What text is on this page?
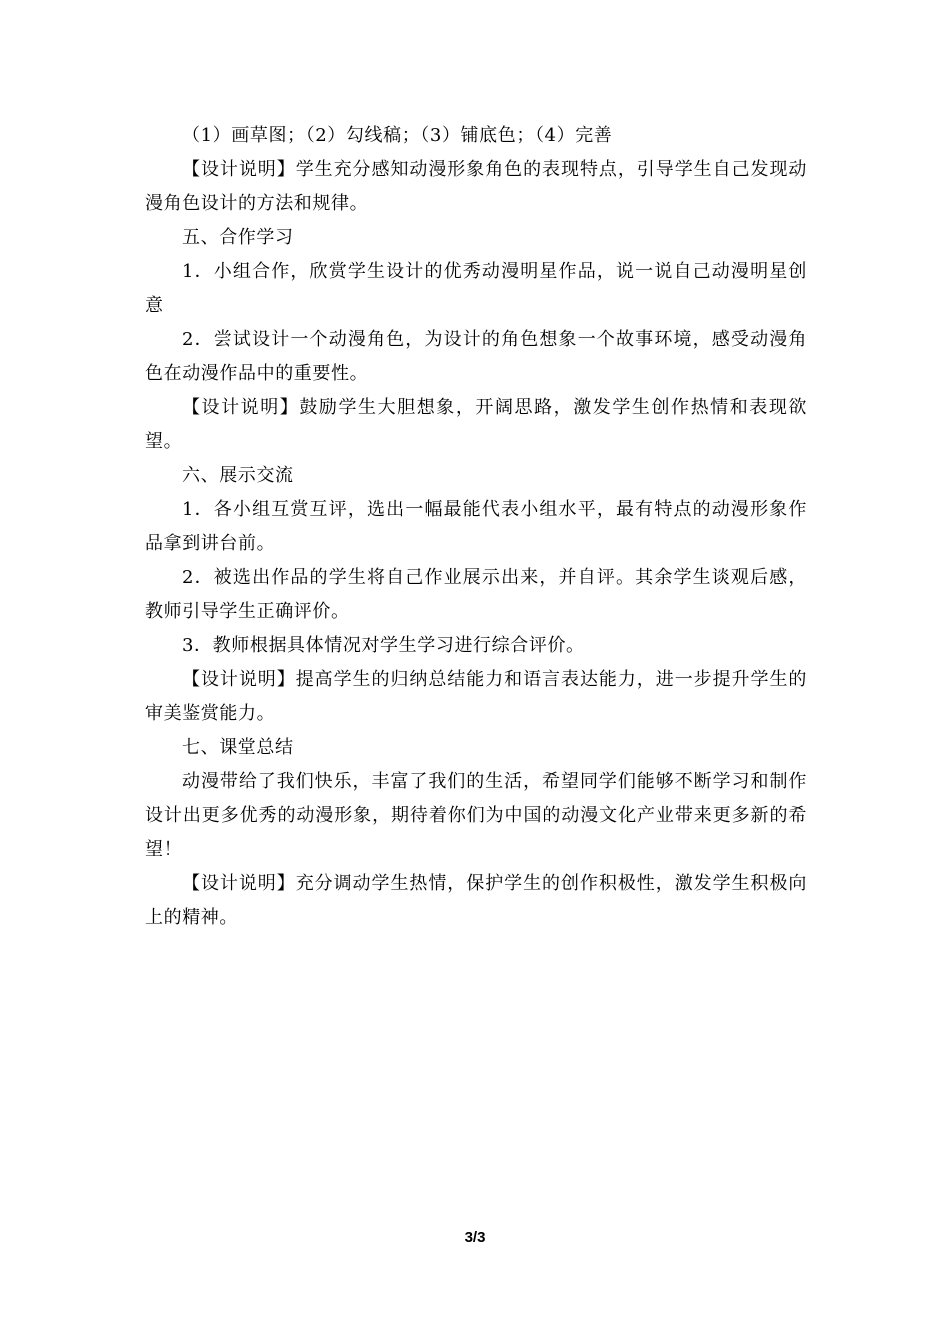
（1）画草图；（2）勾线稿；（3）铺底色；（4）完善

【设计说明】学生充分感知动漫形象角色的表现特点，引导学生自己发现动漫角色设计的方法和规律。

五、合作学习

1．小组合作，欣赏学生设计的优秀动漫明星作品，说一说自己动漫明星创意

2．尝试设计一个动漫角色，为设计的角色想象一个故事环境，感受动漫角色在动漫作品中的重要性。

【设计说明】鼓励学生大胆想象，开阔思路，激发学生创作热情和表现欲望。

六、展示交流

1．各小组互赏互评，选出一幅最能代表小组水平，最有特点的动漫形象作品拿到讲台前。

2．被选出作品的学生将自己作业展示出来，并自评。其余学生谈观后感，教师引导学生正确评价。

3．教师根据具体情况对学生学习进行综合评价。

【设计说明】提高学生的归纳总结能力和语言表达能力，进一步提升学生的审美鉴赏能力。

七、课堂总结

动漫带给了我们快乐，丰富了我们的生活，希望同学们能够不断学习和制作设计出更多优秀的动漫形象，期待着你们为中国的动漫文化产业带来更多新的希望！

【设计说明】充分调动学生热情，保护学生的创作积极性，激发学生积极向上的精神。

3/3
